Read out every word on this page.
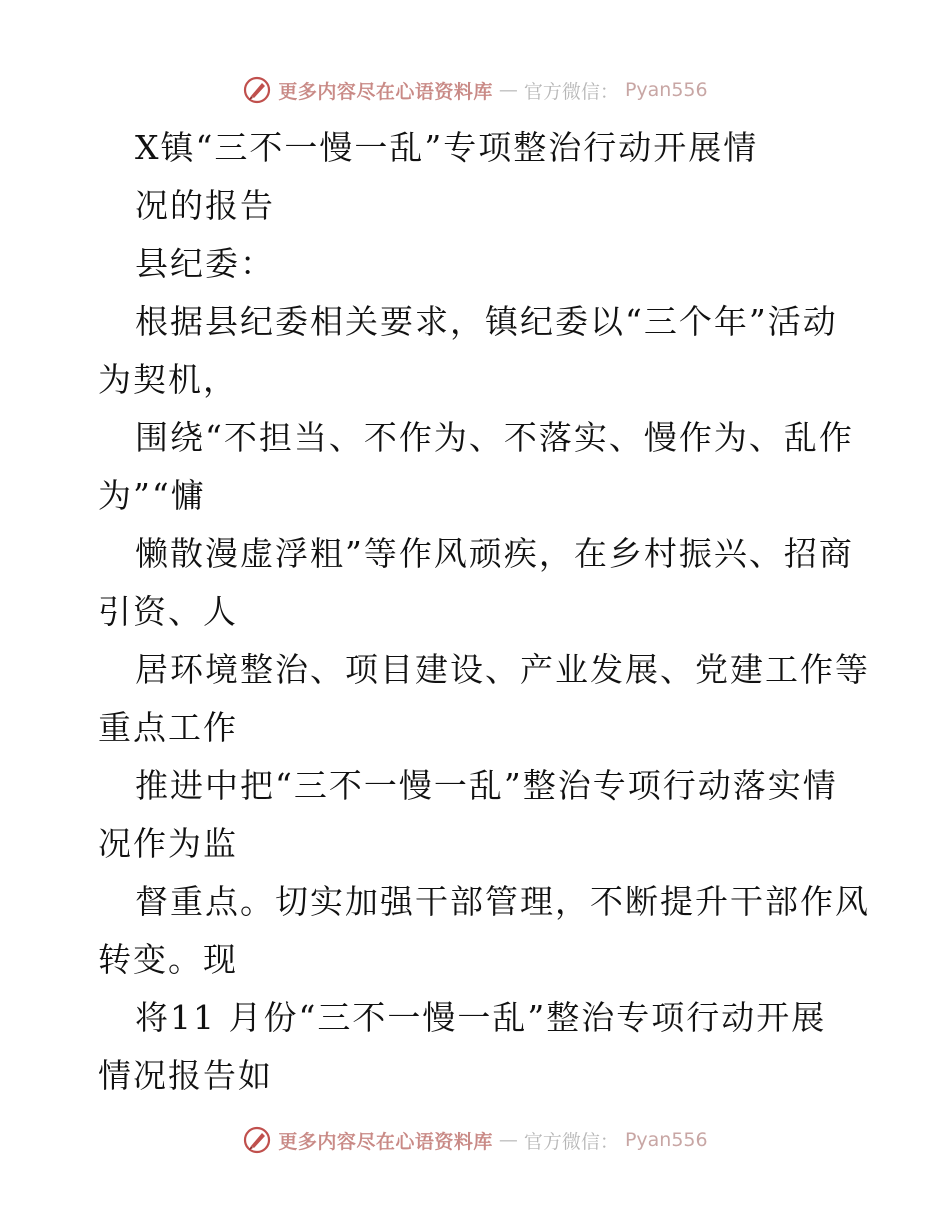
更多内容尽在心语资料库 — 官方微信： Pyan556
X镇“三不一慢一乱”专项整治行动开展情
况的报告
县纪委：
根据县纪委相关要求，镇纪委以“三个年”活动
为契机，
围绕“不担当、不作为、不落实、慢作为、乱作
为”“慵
懒散漫虚浮粗”等作风顽疾，在乡村振兴、招商
引资、人
居环境整治、项目建设、产业发展、党建工作等
重点工作
推进中把“三不一慢一乱”整治专项行动落实情
况作为监
督重点。切实加强干部管理，不断提升干部作风
转变。现
将11 月份“三不一慢一乱”整治专项行动开展
情况报告如
更多内容尽在心语资料库 — 官方微信： Pyan556
